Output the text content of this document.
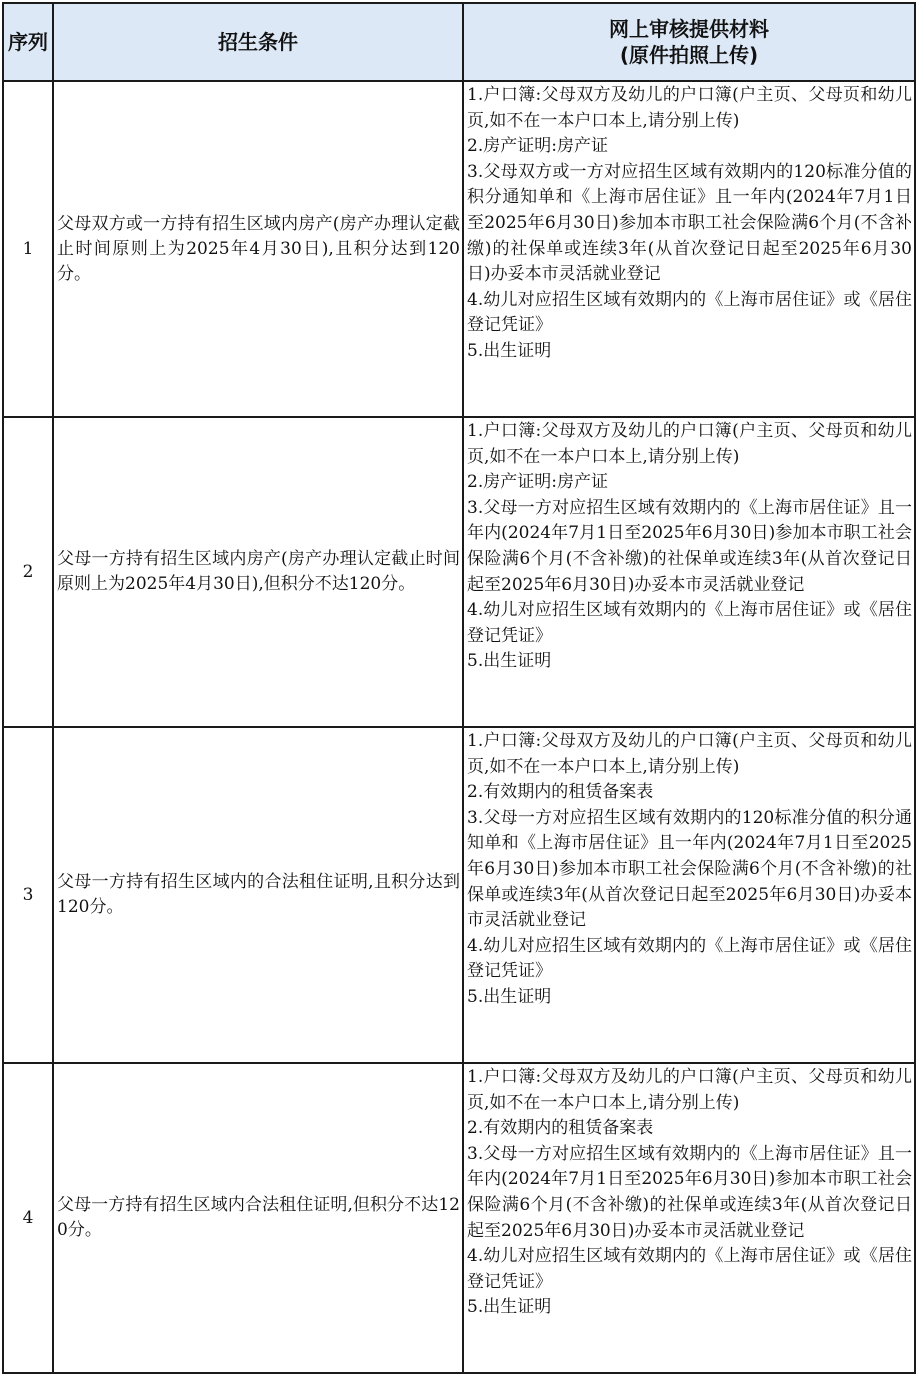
序列	招生条件	网上审核提供材料
(原件拍照上传)

1	父母双方或一方持有招生区域内房产(房产办理认定截止时间原则上为2025年4月30日),且积分达到120分。	1.户口簿:父母双方及幼儿的户口簿(户主页、父母页和幼儿页,如不在一本户口本上,请分别上传)
2.房产证明:房产证
3.父母双方或一方对应招生区域有效期内的120标准分值的积分通知单和《上海市居住证》且一年内(2024年7月1日至2025年6月30日)参加本市职工社会保险满6个月(不含补缴)的社保单或连续3年(从首次登记日起至2025年6月30日)办妥本市灵活就业登记
4.幼儿对应招生区域有效期内的《上海市居住证》或《居住登记凭证》
5.出生证明

2	父母一方持有招生区域内房产(房产办理认定截止时间原则上为2025年4月30日),但积分不达120分。	1.户口簿:父母双方及幼儿的户口簿(户主页、父母页和幼儿页,如不在一本户口本上,请分别上传)
2.房产证明:房产证
3.父母一方对应招生区域有效期内的《上海市居住证》且一年内(2024年7月1日至2025年6月30日)参加本市职工社会保险满6个月(不含补缴)的社保单或连续3年(从首次登记日起至2025年6月30日)办妥本市灵活就业登记
4.幼儿对应招生区域有效期内的《上海市居住证》或《居住登记凭证》
5.出生证明

3	父母一方持有招生区域内的合法租住证明,且积分达到120分。	1.户口簿:父母双方及幼儿的户口簿(户主页、父母页和幼儿页,如不在一本户口本上,请分别上传)
2.有效期内的租赁备案表
3.父母一方对应招生区域有效期内的120标准分值的积分通知单和《上海市居住证》且一年内(2024年7月1日至2025年6月30日)参加本市职工社会保险满6个月(不含补缴)的社保单或连续3年(从首次登记日起至2025年6月30日)办妥本市灵活就业登记
4.幼儿对应招生区域有效期内的《上海市居住证》或《居住登记凭证》
5.出生证明

4	父母一方持有招生区域内合法租住证明,但积分不达120分。	1.户口簿:父母双方及幼儿的户口簿(户主页、父母页和幼儿页,如不在一本户口本上,请分别上传)
2.有效期内的租赁备案表
3.父母一方对应招生区域有效期内的《上海市居住证》且一年内(2024年7月1日至2025年6月30日)参加本市职工社会保险满6个月(不含补缴)的社保单或连续3年(从首次登记日起至2025年6月30日)办妥本市灵活就业登记
4.幼儿对应招生区域有效期内的《上海市居住证》或《居住登记凭证》
5.出生证明
